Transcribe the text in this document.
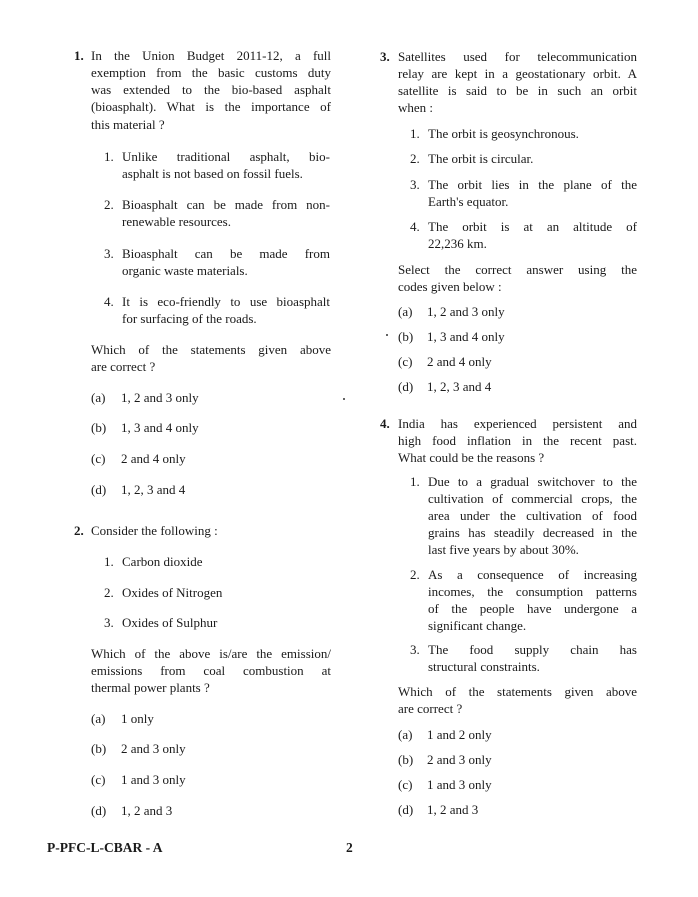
1. In the Union Budget 2011-12, a full
exemption from the basic customs duty
was extended to the bio-based asphalt
(bioasphalt). What is the importance of
this material ?
1. Unlike traditional asphalt, bio-
asphalt is not based on fossil fuels.
2. Bioasphalt can be made from non-
renewable resources.
3. Bioasphalt can be made from
organic waste materials.
4. It is eco-friendly to use bioasphalt
for surfacing of the roads.
Which of the statements given above
are correct ?
(a) 1, 2 and 3 only
(b) 1, 3 and 4 only
(c) 2 and 4 only
(d) 1, 2, 3 and 4
2. Consider the following :
1. Carbon dioxide
2. Oxides of Nitrogen
3. Oxides of Sulphur
Which of the above is/are the emission/
emissions from coal combustion at
thermal power plants ?
(a) 1 only
(b) 2 and 3 only
(c) 1 and 3 only
(d) 1, 2 and 3
3. Satellites used for telecommunication
relay are kept in a geostationary orbit. A
satellite is said to be in such an orbit
when :
1. The orbit is geosynchronous.
2. The orbit is circular.
3. The orbit lies in the plane of the
Earth's equator.
4. The orbit is at an altitude of
22,236 km.
Select the correct answer using the
codes given below :
(a) 1, 2 and 3 only
(b) 1, 3 and 4 only
(c) 2 and 4 only
(d) 1, 2, 3 and 4
4. India has experienced persistent and
high food inflation in the recent past.
What could be the reasons ?
1. Due to a gradual switchover to the
cultivation of commercial crops, the
area under the cultivation of food
grains has steadily decreased in the
last five years by about 30%.
2. As a consequence of increasing
incomes, the consumption patterns
of the people have undergone a
significant change.
3. The food supply chain has
structural constraints.
Which of the statements given above
are correct ?
(a) 1 and 2 only
(b) 2 and 3 only
(c) 1 and 3 only
(d) 1, 2 and 3
P-PFC-L-CBAR - A	2
